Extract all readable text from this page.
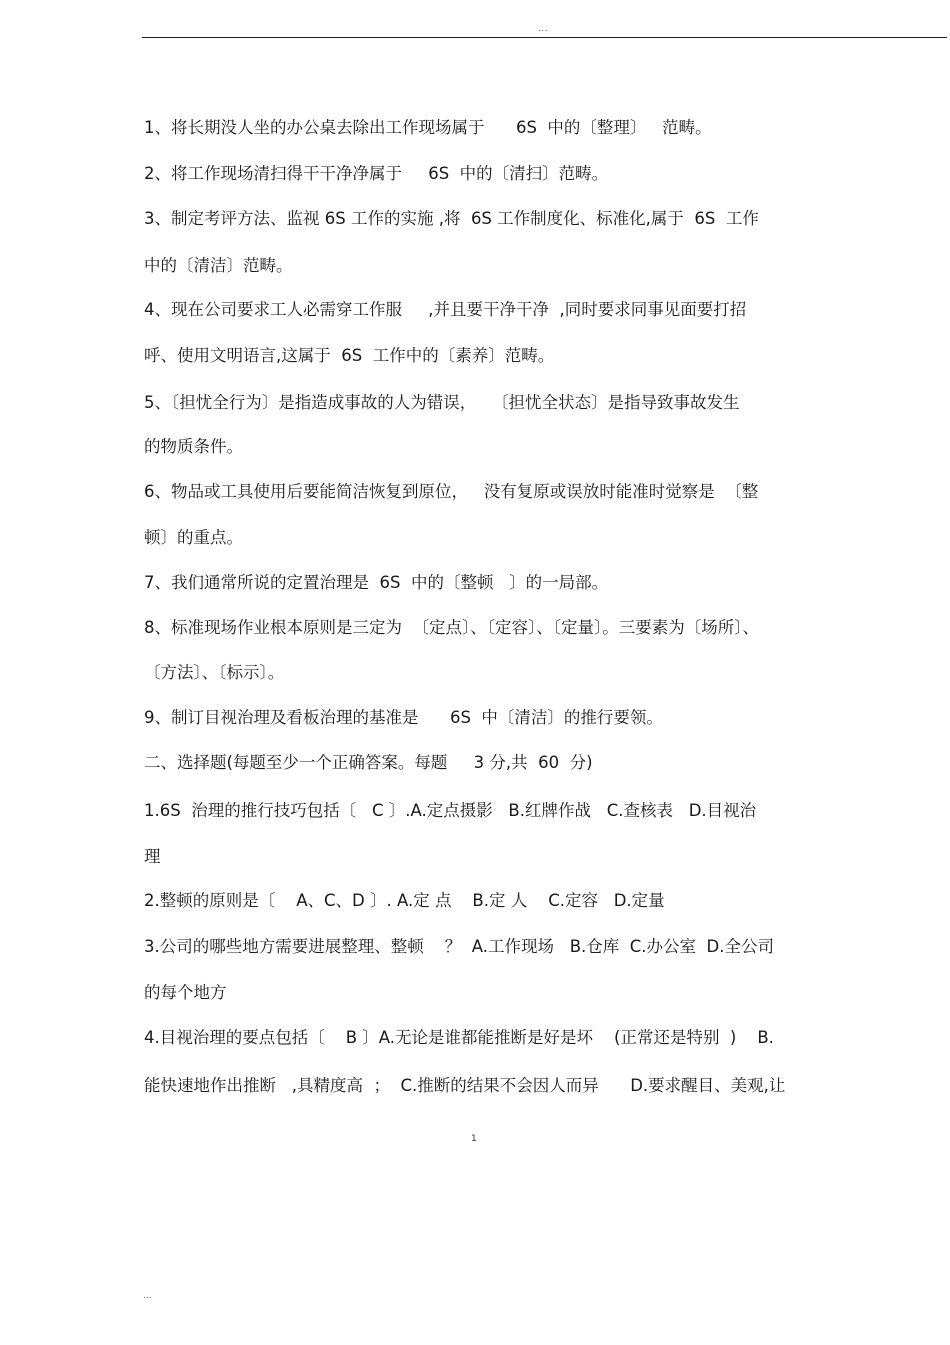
...
1、将长期没人坐的办公桌去除出工作现场属于      6S  中的〔整理〕   范畴。
2、将工作现场清扫得干干净净属于     6S  中的〔清扫〕范畴。
3、制定考评方法、监视 6S 工作的实施 ,将  6S 工作制度化、标准化,属于  6S  工作
中的〔清洁〕范畴。
4、现在公司要求工人必需穿工作服     ,并且要干净干净  ,同时要求同事见面要打招
呼、使用文明语言,这属于  6S  工作中的〔素养〕范畴。
5、〔担忧全行为〕是指造成事故的人为错误，   〔担忧全状态〕是指导致事故发生
的物质条件。
6、物品或工具使用后要能简洁恢复到原位，   没有复原或误放时能准时觉察是  〔整
顿〕的重点。
7、我们通常所说的定置治理是  6S  中的〔整顿   〕的一局部。
8、标准现场作业根本原则是三定为  〔定点〕、〔定容〕、〔定量〕。三要素为〔场所〕、
〔方法〕、〔标示〕。
9、制订目视治理及看板治理的基准是      6S  中〔清洁〕的推行要领。
二、选择题(每题至少一个正确答案。每题     3 分,共  60  分)
1.6S  治理的推行技巧包括〔   C 〕.A.定点摄影   B.红牌作战   C.查核表   D.目视治
理
2.整顿的原则是〔    A、C、D 〕. A.定 点    B.定 人    C.定容   D.定量
3.公司的哪些地方需要进展整理、整顿    ？  A.工作现场   B.仓库  C.办公室  D.全公司
的每个地方
4.目视治理的要点包括〔    B 〕A.无论是谁都能推断是好是坏    (正常还是特别  )    B.
能快速地作出推断   ,具精度高  ；  C.推断的结果不会因人而异      D.要求醒目、美观,让
1
...
